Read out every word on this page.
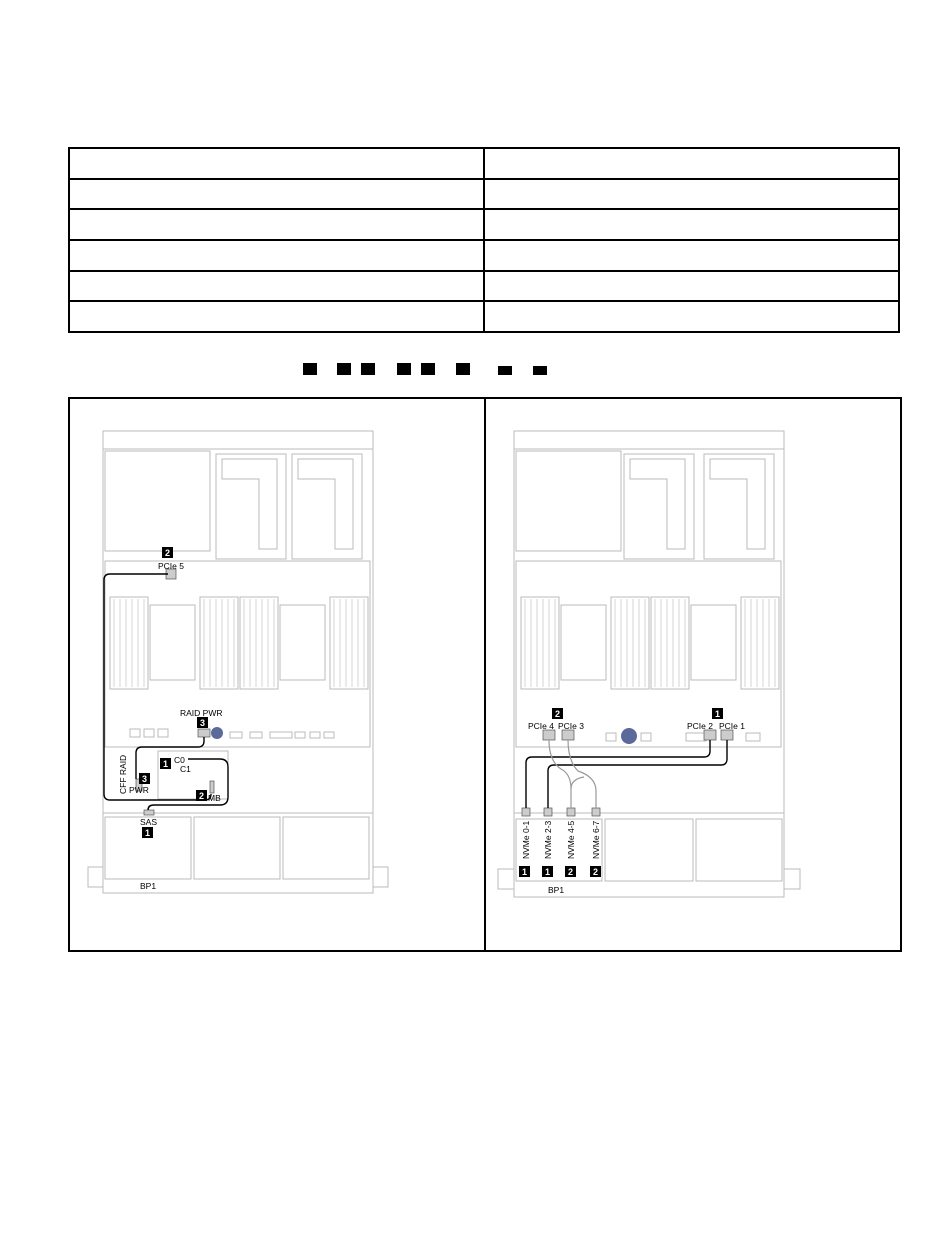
2
3
1
2
3
1
PCIe 5
RAID PWR
C0
C1
MB
PWR
SAS
BP1
CFF RAID
2	1
PCIe 4 PCIe 3	PCIe 2 PCIe 1
NVMe 0-1 NVMe 2-3 NVMe 4-5 NVMe 6-7
1 1 2 2
BP1
